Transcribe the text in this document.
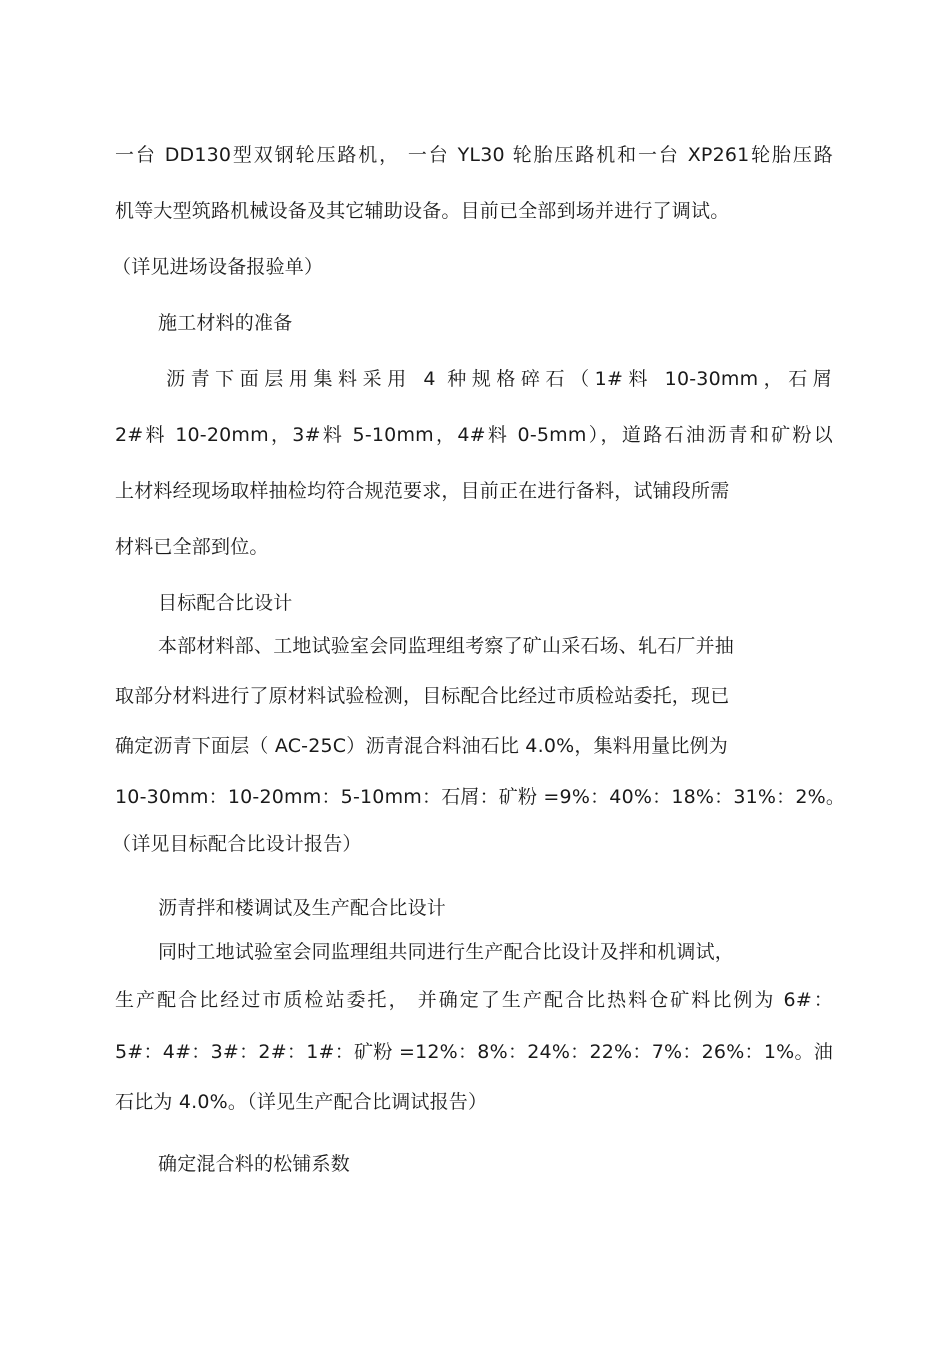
一台 DD130型双钢轮压路机， 一台 YL30 轮胎压路机和一台 XP261轮胎压路
机等大型筑路机械设备及其它辅助设备。目前已全部到场并进行了调试。
（详见进场设备报验单）
施工材料的准备
沥青下面层用集料采用 4 种规格碎石（1#料 10-30mm，石屑
2#料 10-20mm，3#料 5-10mm，4#料 0-5mm），道路石油沥青和矿粉以
上材料经现场取样抽检均符合规范要求，目前正在进行备料，试铺段所需
材料已全部到位。
目标配合比设计
本部材料部、工地试验室会同监理组考察了矿山采石场、轧石厂并抽
取部分材料进行了原材料试验检测，目标配合比经过市质检站委托，现已
确定沥青下面层（ AC-25C）沥青混合料油石比 4.0%，集料用量比例为
10-30mm：10-20mm：5-10mm：石屑：矿粉 =9%：40%：18%：31%：2%。
（详见目标配合比设计报告）
沥青拌和楼调试及生产配合比设计
同时工地试验室会同监理组共同进行生产配合比设计及拌和机调试，
生产配合比经过市质检站委托， 并确定了生产配合比热料仓矿料比例为 6#：
5#：4#：3#：2#：1#：矿粉 =12%：8%：24%：22%：7%：26%：1%。油
石比为 4.0%。（详见生产配合比调试报告）
确定混合料的松铺系数
